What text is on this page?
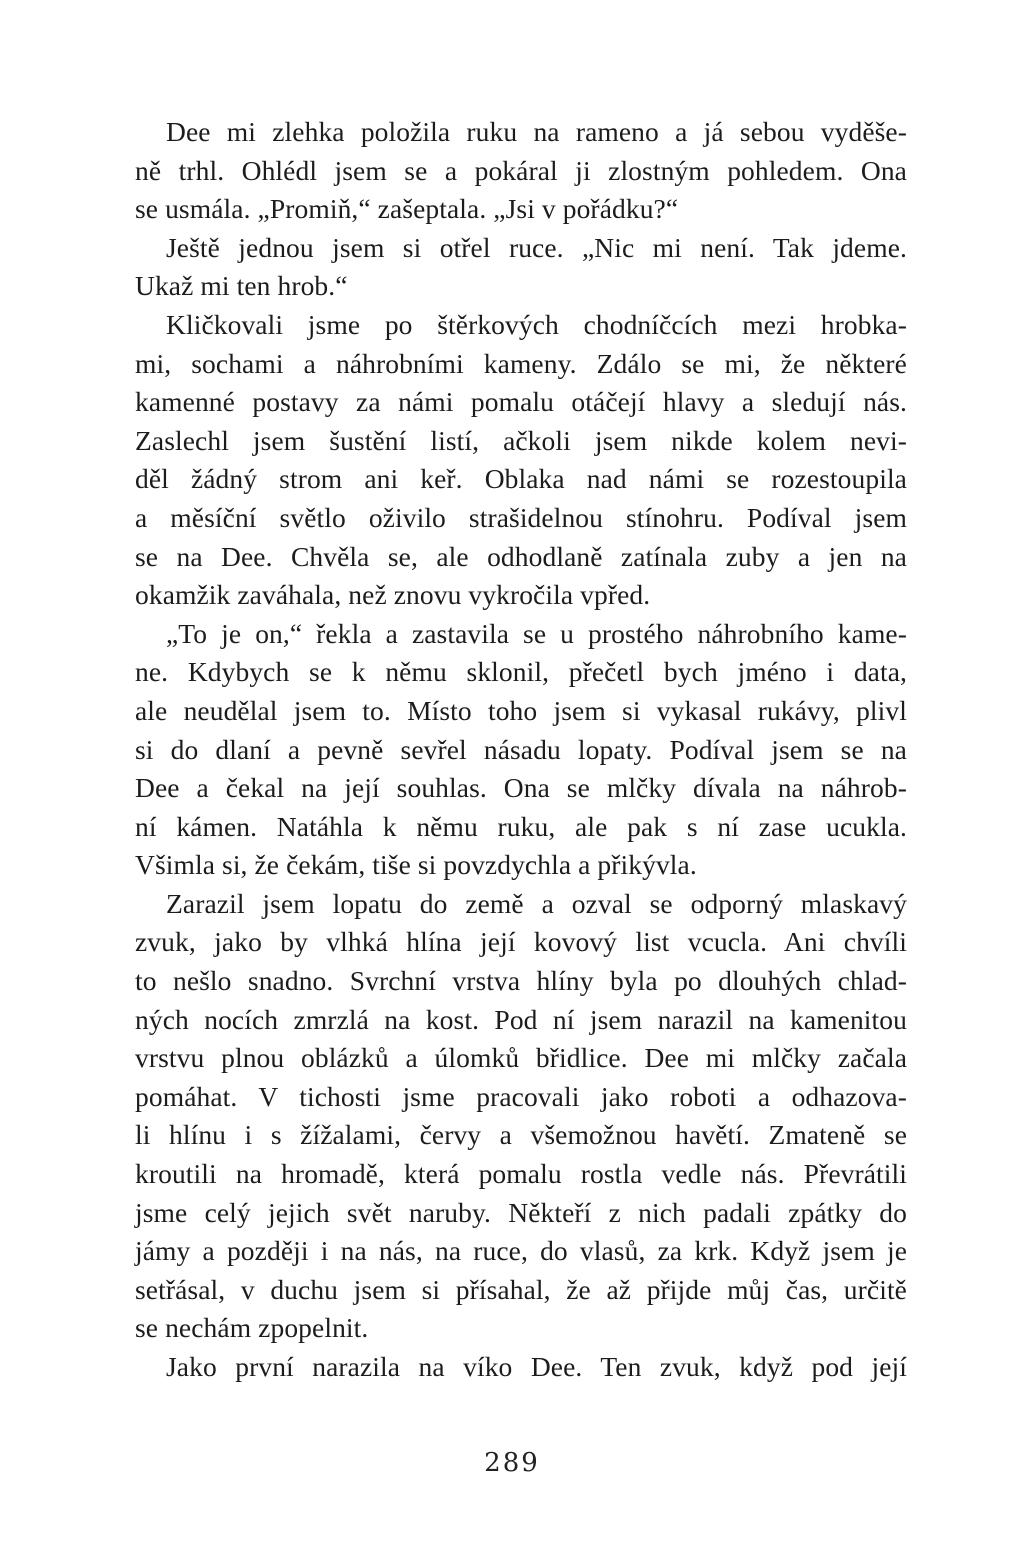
Dee mi zlehka položila ruku na rameno a já sebou vyděše-
ně trhl. Ohlédl jsem se a pokáral ji zlostným pohledem. Ona
se usmála. „Promiň,“ zašeptala. „Jsi v pořádku?“
Ještě jednou jsem si otřel ruce. „Nic mi není. Tak jdeme.
Ukaž mi ten hrob.“
Kličkovali jsme po štěrkových chodníčcích mezi hrobka-
mi, sochami a náhrobními kameny. Zdálo se mi, že některé
kamenné postavy za námi pomalu otáčejí hlavy a sledují nás.
Zaslechl jsem šustění listí, ačkoli jsem nikde kolem nevi-
děl žádný strom ani keř. Oblaka nad námi se rozestoupila
a měsíční světlo oživilo strašidelnou stínohru. Podíval jsem
se na Dee. Chvěla se, ale odhodlaně zatínala zuby a jen na
okamžik zaváhala, než znovu vykročila vpřed.
„To je on,“ řekla a zastavila se u prostého náhrobního kame-
ne. Kdybych se k němu sklonil, přečetl bych jméno i data,
ale neudělal jsem to. Místo toho jsem si vykasal rukávy, plivl
si do dlaní a pevně sevřel násadu lopaty. Podíval jsem se na
Dee a čekal na její souhlas. Ona se mlčky dívala na náhrob-
ní kámen. Natáhla k němu ruku, ale pak s ní zase ucukla.
Všimla si, že čekám, tiše si povzdychla a přikývla.
Zarazil jsem lopatu do země a ozval se odporný mlaskavý
zvuk, jako by vlhká hlína její kovový list vcucla. Ani chvíli
to nešlo snadno. Svrchní vrstva hlíny byla po dlouhých chlad-
ných nocích zmrzlá na kost. Pod ní jsem narazil na kamenitou
vrstvu plnou oblázků a úlomků břidlice. Dee mi mlčky začala
pomáhat. V tichosti jsme pracovali jako roboti a odhazova-
li hlínu i s žížalami, červy a všemožnou havětí. Zmateně se
kroutili na hromadě, která pomalu rostla vedle nás. Převrátili
jsme celý jejich svět naruby. Někteří z nich padali zpátky do
jámy a později i na nás, na ruce, do vlasů, za krk. Když jsem je
setřásal, v duchu jsem si přísahal, že až přijde můj čas, určitě
se nechám zpopelnit.
Jako první narazila na víko Dee. Ten zvuk, když pod její
289
